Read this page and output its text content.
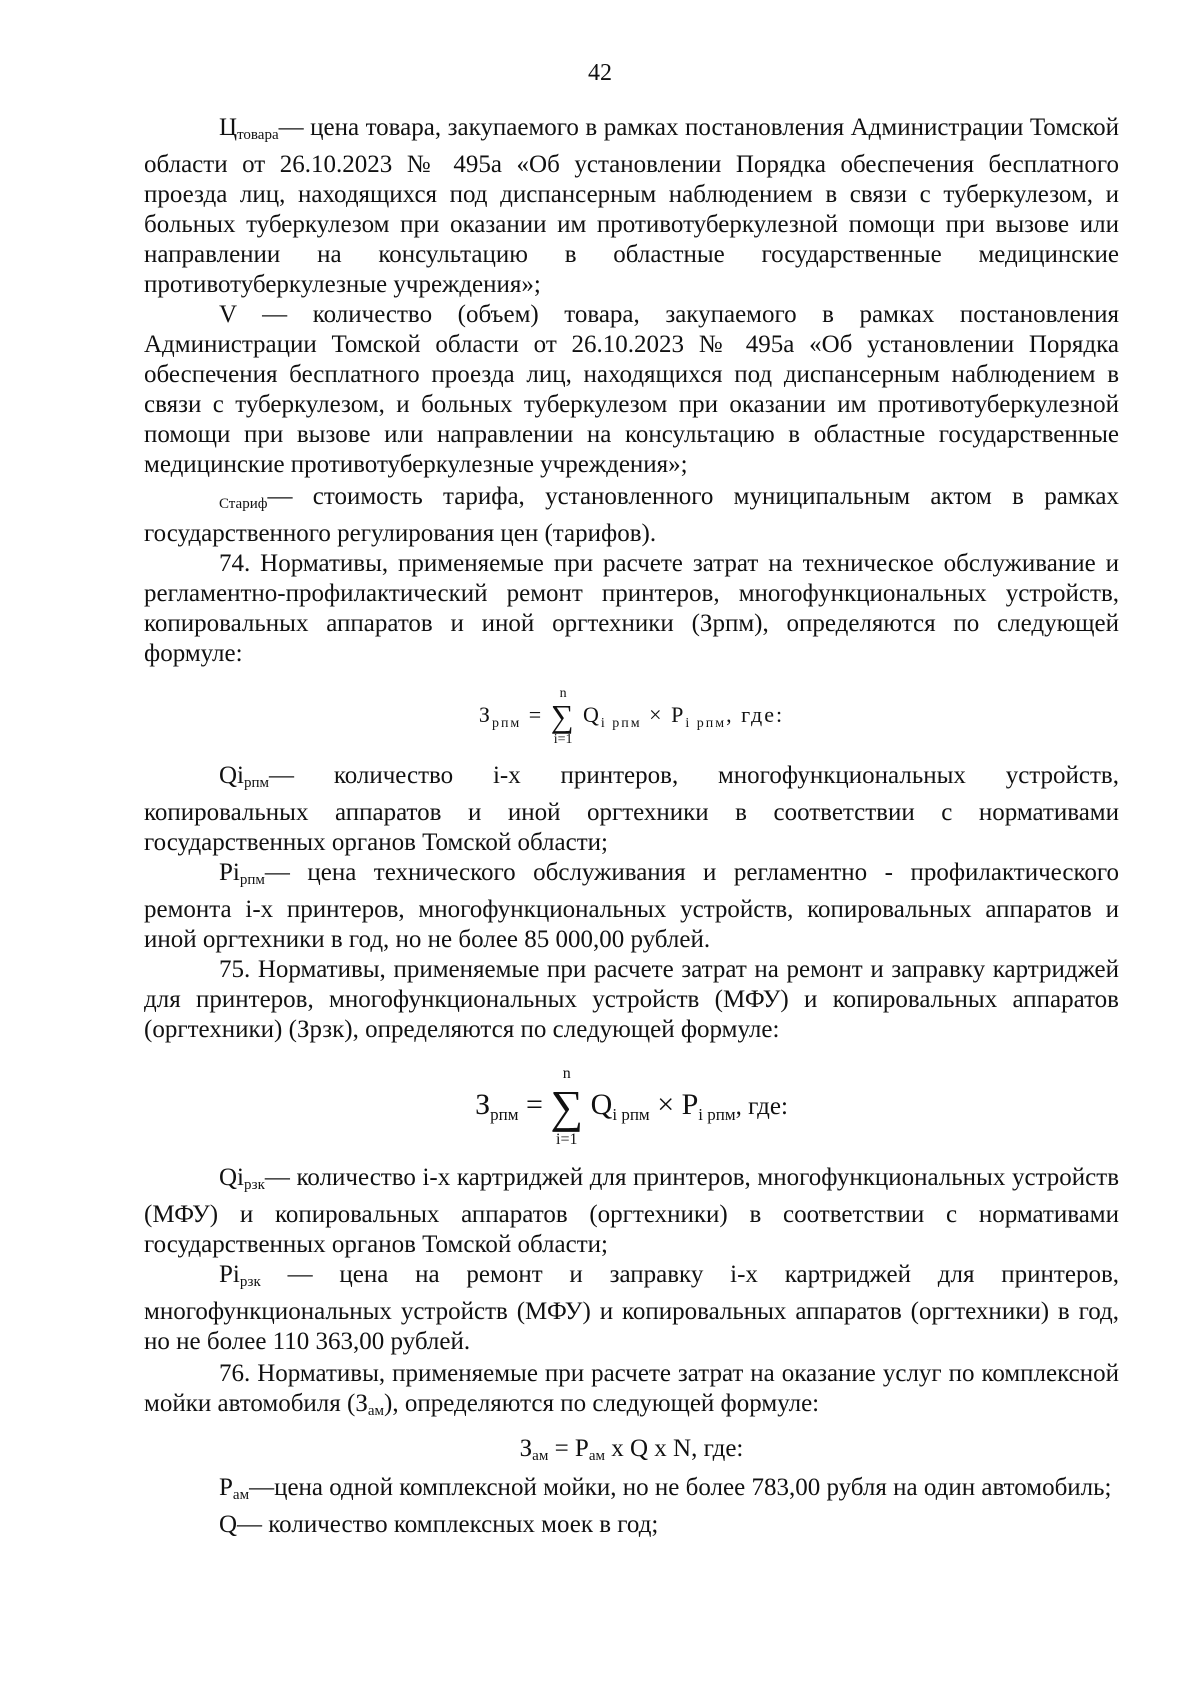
42

$Ц_{товара}—$ цена товара, закупаемого в рамках постановления Администрации Томской области от 26.10.2023 № 495а «Об установлении Порядка обеспечения бесплатного проезда лиц, находящихся под диспансерным наблюдением в связи с туберкулезом, и больных туберкулезом при оказании им противотуберкулезной помощи при вызове или направлении на консультацию в областные государственные медицинские противотуберкулезные учреждения»;

V — количество (объем) товара, закупаемого в рамках постановления Администрации Томской области от 26.10.2023 № 495а «Об установлении Порядка обеспечения бесплатного проезда лиц, находящихся под диспансерным наблюдением в связи с туберкулезом, и больных туберкулезом при оказании им противотуберкулезной помощи при вызове или направлении на консультацию в областные государственные медицинские противотуберкулезные учреждения»;

$_{Стариф}$— стоимость тарифа, установленного муниципальным актом в рамках государственного регулирования цен (тарифов).

74. Нормативы, применяемые при расчете затрат на техническое обслуживание и регламентно-профилактический ремонт принтеров, многофункциональных устройств, копировальных аппаратов и иной оргтехники (Зрпм), определяются по следующей формуле:

$З_{рпм}$ =
n
∑
i=1
$Q_{i рпм} \times P_{i рпм}$, где:

$Qi_{рпм}—$ количество i-х принтеров, многофункциональных устройств, копировальных аппаратов и иной оргтехники в соответствии с нормативами государственных органов Томской области;

$Pi_{рпм}—$ цена технического обслуживания и регламентно - профилактического ремонта i-х принтеров, многофункциональных устройств, копировальных аппаратов и иной оргтехники в год, но не более 85 000,00 рублей.

75. Нормативы, применяемые при расчете затрат на ремонт и заправку картриджей для принтеров, многофункциональных устройств (МФУ) и копировальных аппаратов (оргтехники) (Зрзк), определяются по следующей формуле:

$З_{рпм}$ =
n
∑
i=1
$Q_{i рпм} \times P_{i рпм}$, где:

$Qi_{рзк}—$ количество i-х картриджей для принтеров, многофункциональных устройств (МФУ) и копировальных аппаратов (оргтехники) в соответствии с нормативами государственных органов Томской области;

$Pi_{рзк}$ — цена на ремонт и заправку i-х картриджей для принтеров, многофункциональных устройств (МФУ) и копировальных аппаратов (оргтехники) в год, но не более 110 363,00 рублей.

76. Нормативы, применяемые при расчете затрат на оказание услуг по комплексной мойки автомобиля $(З_{ам})$, определяются по следующей формуле:

$З_{ам} = P_{ам}$ х Q х N, где:

$P_{ам}—цена$ одной комплексной мойки, но не более 783,00 рубля на один автомобиль;

Q— количество комплексных моек в год;
